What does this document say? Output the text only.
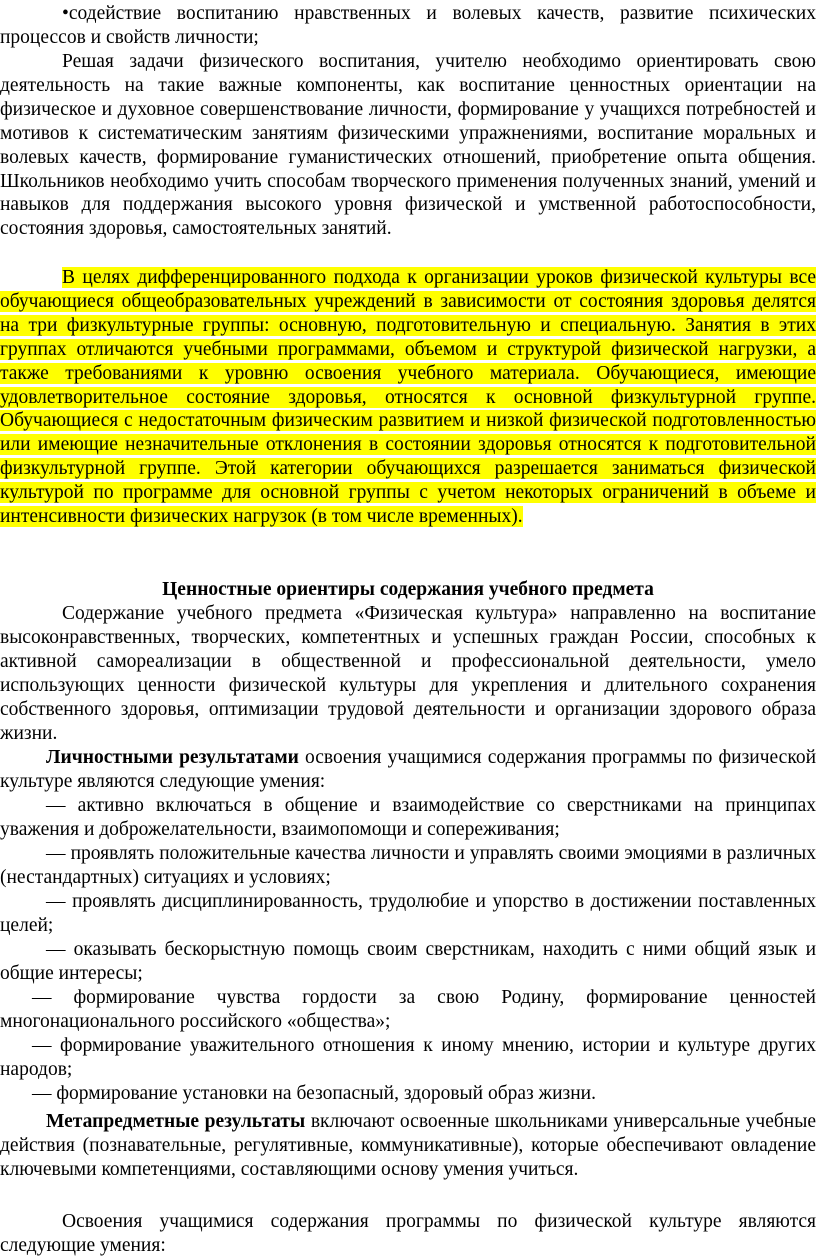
•содействие воспитанию нравственных и волевых качеств, развитие психических процессов и свойств личности;

Решая задачи физического воспитания, учителю необходимо ориентировать свою деятельность на такие важные компоненты, как воспитание ценностных ориентации на физическое и духовное совершенствование личности, формирование у учащихся потребностей и мотивов к систематическим занятиям физическими упражнениями, воспитание моральных и волевых качеств, формирование гуманистических отношений, приобретение опыта общения. Школьников необходимо учить способам творческого применения полученных знаний, умений и навыков для поддержания высокого уровня физической и умственной работоспособности, состояния здоровья, самостоятельных занятий.

В целях дифференцированного подхода к организации уроков физической культуры все обучающиеся общеобразовательных учреждений в зависимости от состояния здоровья делятся на три физкультурные группы: основную, подготовительную и специальную. Занятия в этих группах отличаются учебными программами, объемом и структурой физической нагрузки, а также требованиями к уровню освоения учебного материала. Обучающиеся, имеющие удовлетворительное состояние здоровья, относятся к основной физкультурной группе. Обучающиеся с недостаточным физическим развитием и низкой физической подготовленностью или имеющие незначительные отклонения в состоянии здоровья относятся к подготовительной физкультурной группе. Этой категории обучающихся разрешается заниматься физической культурой по программе для основной группы с учетом некоторых ограничений в объеме и интенсивности физических нагрузок (в том числе временных).

Ценностные ориентиры содержания учебного предмета

Содержание учебного предмета «Физическая культура» направленно на воспитание высоконравственных, творческих, компетентных и успешных граждан России, способных к активной самореализации в общественной и профессиональной деятельности, умело использующих ценности физической культуры для укрепления и длительного сохранения собственного здоровья, оптимизации трудовой деятельности и организации здорового образа жизни.

Личностными результатами освоения учащимися содержания программы по физической культуре являются следующие умения:

— активно включаться в общение и взаимодействие со сверстниками на принципах уважения и доброжелательности, взаимопомощи и сопереживания;

— проявлять положительные качества личности и управлять своими эмоциями в различных (нестандартных) ситуациях и условиях;

— проявлять дисциплинированность, трудолюбие и упорство в достижении поставленных целей;

— оказывать бескорыстную помощь своим сверстникам, находить с ними общий язык и общие интересы;

― формирование чувства гордости за свою Родину, формирование ценностей многонационального российского «общества»;

― формирование уважительного отношения к иному мнению, истории и культуре других народов;

― формирование установки на безопасный, здоровый образ жизни.

Метапредметные результаты включают освоенные школьниками универсальные учебные действия (познавательные, регулятивные, коммуникативные), которые обеспечивают овладение ключевыми компетенциями, составляющими основу умения учиться.

Освоения учащимися содержания программы по физической культуре являются следующие умения:
